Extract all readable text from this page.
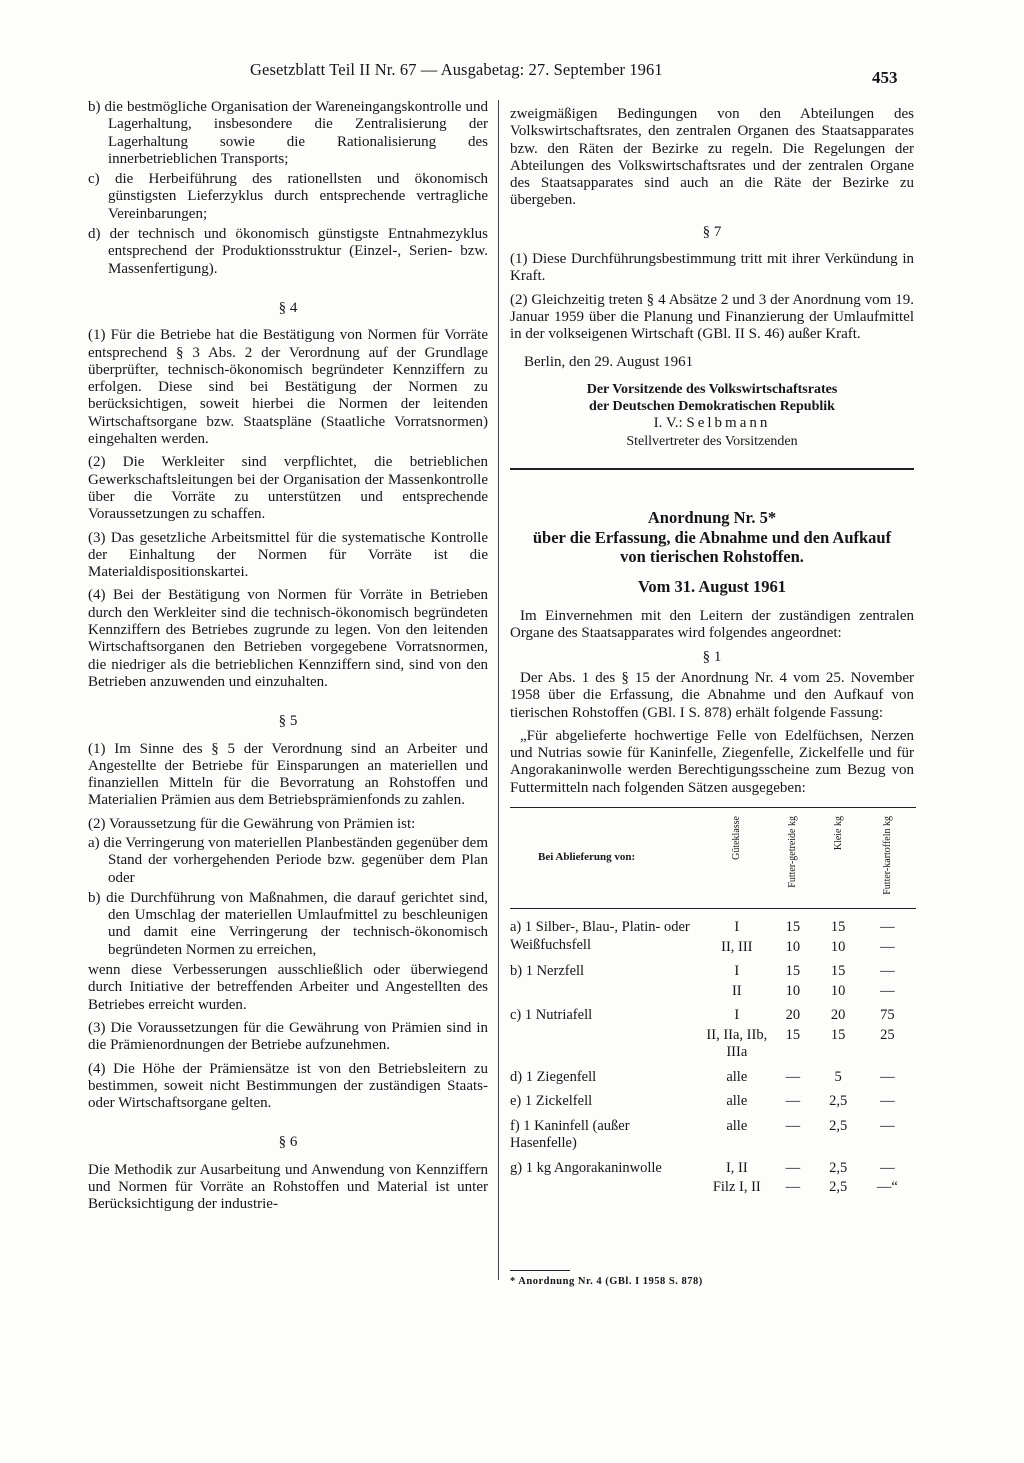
Gesetzblatt Teil II Nr. 67 — Ausgabetag: 27. September 1961	453

b) die bestmögliche Organisation der Wareneingangskontrolle und Lagerhaltung, insbesondere die Zentralisierung der Lagerhaltung sowie die Rationalisierung des innerbetrieblichen Transports;

c) die Herbeiführung des rationellsten und ökonomisch günstigsten Lieferzyklus durch entsprechende vertragliche Vereinbarungen;

d) der technisch und ökonomisch günstigste Entnahmezyklus entsprechend der Produktionsstruktur (Einzel-, Serien- bzw. Massenfertigung).

§ 4

(1) Für die Betriebe hat die Bestätigung von Normen für Vorräte entsprechend § 3 Abs. 2 der Verordnung auf der Grundlage überprüfter, technisch-ökonomisch begründeter Kennziffern zu erfolgen. Diese sind bei Bestätigung der Normen zu berücksichtigen, soweit hierbei die Normen der leitenden Wirtschaftsorgane bzw. Staatspläne (Staatliche Vorratsnormen) eingehalten werden.

(2) Die Werkleiter sind verpflichtet, die betrieblichen Gewerkschaftsleitungen bei der Organisation der Massenkontrolle über die Vorräte zu unterstützen und entsprechende Voraussetzungen zu schaffen.

(3) Das gesetzliche Arbeitsmittel für die systematische Kontrolle der Einhaltung der Normen für Vorräte ist die Materialdispositionskartei.

(4) Bei der Bestätigung von Normen für Vorräte in Betrieben durch den Werkleiter sind die technisch-ökonomisch begründeten Kennziffern des Betriebes zugrunde zu legen. Von den leitenden Wirtschaftsorganen den Betrieben vorgegebene Vorratsnormen, die niedriger als die betrieblichen Kennziffern sind, sind von den Betrieben anzuwenden und einzuhalten.

§ 5

(1) Im Sinne des § 5 der Verordnung sind an Arbeiter und Angestellte der Betriebe für Einsparungen an materiellen und finanziellen Mitteln für die Bevorratung an Rohstoffen und Materialien Prämien aus dem Betriebsprämienfonds zu zahlen.

(2) Voraussetzung für die Gewährung von Prämien ist:

a) die Verringerung von materiellen Planbeständen gegenüber dem Stand der vorhergehenden Periode bzw. gegenüber dem Plan oder

b) die Durchführung von Maßnahmen, die darauf gerichtet sind, den Umschlag der materiellen Umlaufmittel zu beschleunigen und damit eine Verringerung der technisch-ökonomisch begründeten Normen zu erreichen,

wenn diese Verbesserungen ausschließlich oder überwiegend durch Initiative der betreffenden Arbeiter und Angestellten des Betriebes erreicht wurden.

(3) Die Voraussetzungen für die Gewährung von Prämien sind in die Prämienordnungen der Betriebe aufzunehmen.

(4) Die Höhe der Prämiensätze ist von den Betriebsleitern zu bestimmen, soweit nicht Bestimmungen der zuständigen Staats- oder Wirtschaftsorgane gelten.

§ 6

Die Methodik zur Ausarbeitung und Anwendung von Kennziffern und Normen für Vorräte an Rohstoffen und Material ist unter Berücksichtigung der industrie-

zweigmäßigen Bedingungen von den Abteilungen des Volkswirtschaftsrates, den zentralen Organen des Staatsapparates bzw. den Räten der Bezirke zu regeln. Die Regelungen der Abteilungen des Volkswirtschaftsrates und der zentralen Organe des Staatsapparates sind auch an die Räte der Bezirke zu übergeben.

§ 7

(1) Diese Durchführungsbestimmung tritt mit ihrer Verkündung in Kraft.

(2) Gleichzeitig treten § 4 Absätze 2 und 3 der Anordnung vom 19. Januar 1959 über die Planung und Finanzierung der Umlaufmittel in der volkseigenen Wirtschaft (GBl. II S. 46) außer Kraft.

Berlin, den 29. August 1961

Der Vorsitzende des Volkswirtschaftsrates

der Deutschen Demokratischen Republik

I. V.: Selbmann

Stellvertreter des Vorsitzenden

Anordnung Nr. 5*

über die Erfassung, die Abnahme und den Aufkauf

von tierischen Rohstoffen.

Vom 31. August 1961

Im Einvernehmen mit den Leitern der zuständigen zentralen Organe des Staatsapparates wird folgendes angeordnet:

§ 1

Der Abs. 1 des § 15 der Anordnung Nr. 4 vom 25. November 1958 über die Erfassung, die Abnahme und den Aufkauf von tierischen Rohstoffen (GBl. I S. 878) erhält folgende Fassung:

„Für abgelieferte hochwertige Felle von Edelfüchsen, Nerzen und Nutrias sowie für Kaninfelle, Ziegenfelle, Zickelfelle und für Angorakaninwolle werden Berechtigungsscheine zum Bezug von Futtermitteln nach folgenden Sätzen ausgegeben:

Bei Ablieferung von:	Güteklasse	Futter-getreide kg	Kleie kg	Futter-kartoffeln kg
a) 1 Silber-, Blau-, Platin- oder Weißfuchsfell	I	15	15	—
	II, III	10	10	—
b) 1 Nerzfell	I	15	15	—
	II	10	10	—
c) 1 Nutriafell	I	20	20	75
	II, IIa, IIb, IIIa	15	15	25
d) 1 Ziegenfell	alle	—	5	—
e) 1 Zickelfell	alle	—	2,5	—
f) 1 Kaninfell (außer Hasenfelle)	alle	—	2,5	—
g) 1 kg Angorakaninwolle	I, II	—	2,5	—
	Filz I, II	—	2,5	—“
* Anordnung Nr. 4 (GBl. I 1958 S. 878)
